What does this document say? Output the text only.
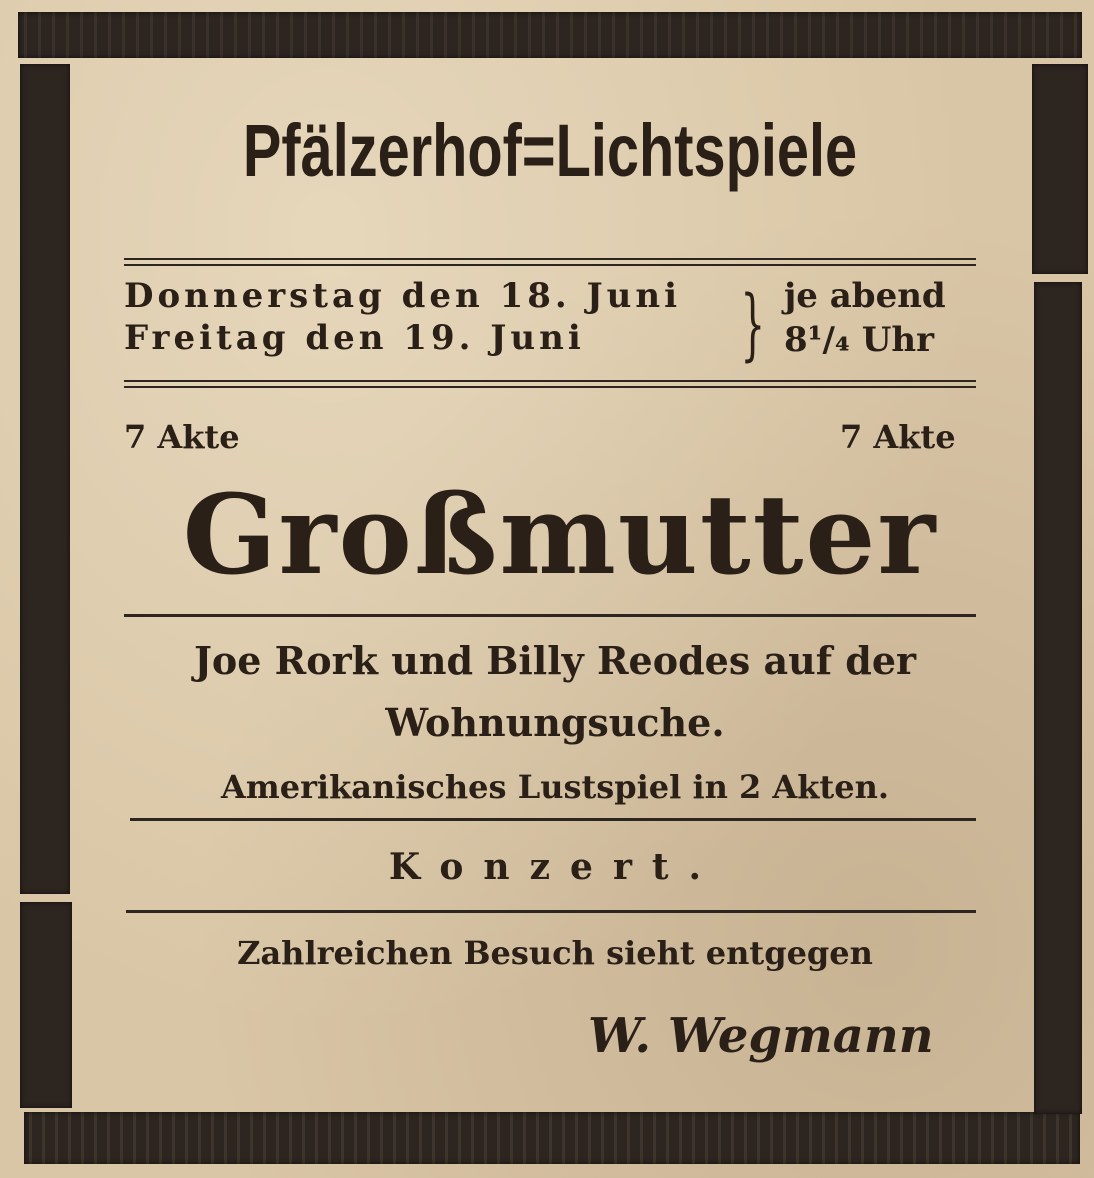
Pfälzerhof=Lichtspiele
Donnerstag den 18. Juni
Freitag den 19. Juni } je abend
8¹/₄ Uhr
7 Akte	7 Akte
Großmutter
Joe Rork und Billy Reodes auf der
Wohnungsuche.
Amerikanisches Lustspiel in 2 Akten.
Konzert.
Zahlreichen Besuch sieht entgegen
W. Wegmann
